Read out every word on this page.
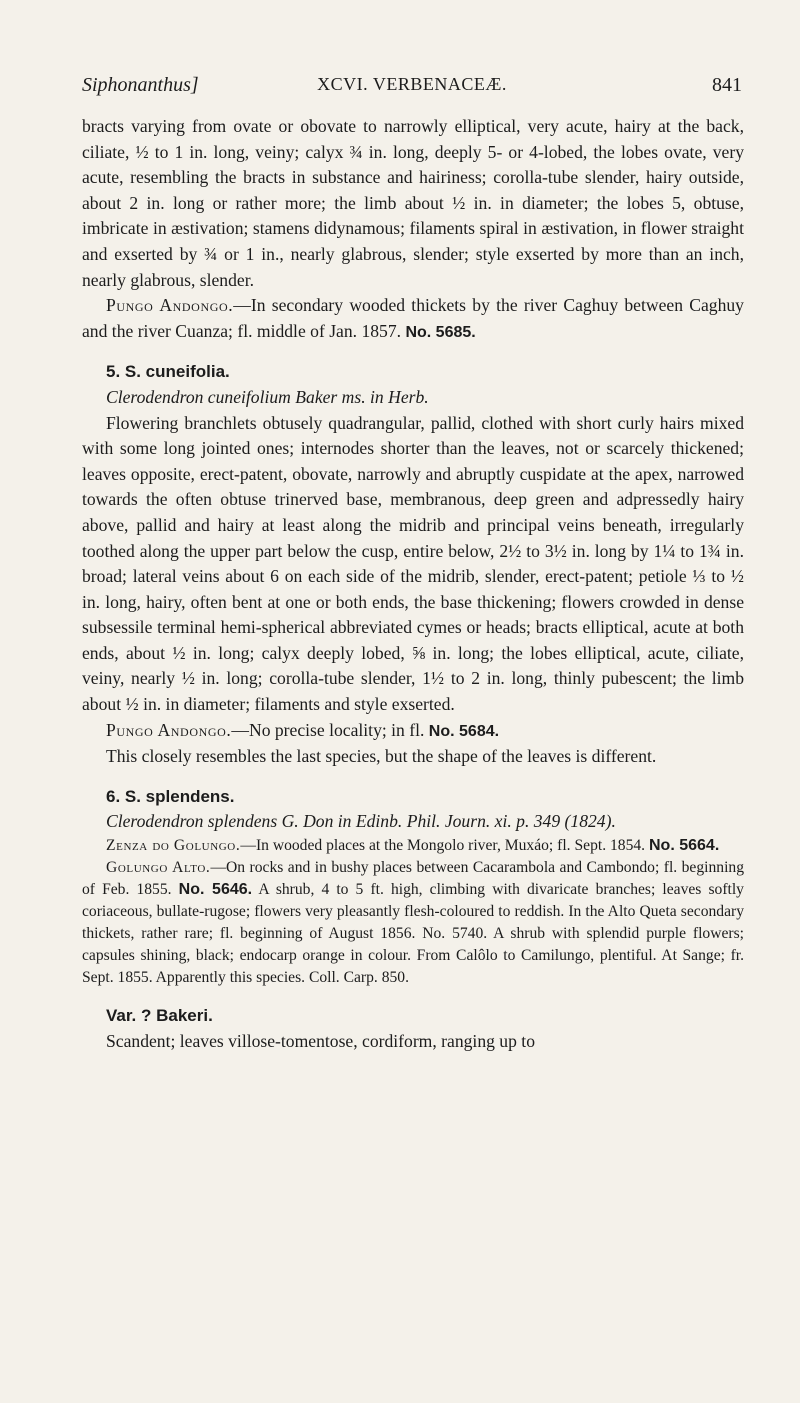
Siphonanthus]	XCVI. VERBENACEÆ.	841

bracts varying from ovate or obovate to narrowly elliptical, very acute, hairy at the back, ciliate, ½ to 1 in. long, veiny; calyx ¾ in. long, deeply 5- or 4-lobed, the lobes ovate, very acute, resembling the bracts in substance and hairiness; corolla-tube slender, hairy outside, about 2 in. long or rather more; the limb about ½ in. in diameter; the lobes 5, obtuse, imbricate in æstivation; stamens didynamous; filaments spiral in æstivation, in flower straight and exserted by ¾ or 1 in., nearly glabrous, slender; style exserted by more than an inch, nearly glabrous, slender.

Pungo Andongo.—In secondary wooded thickets by the river Caghuy between Caghuy and the river Cuanza; fl. middle of Jan. 1857. No. 5685.

5. S. cuneifolia.

Clerodendron cuneifolium Baker ms. in Herb.

Flowering branchlets obtusely quadrangular, pallid, clothed with short curly hairs mixed with some long jointed ones; internodes shorter than the leaves, not or scarcely thickened; leaves opposite, erect-patent, obovate, narrowly and abruptly cuspidate at the apex, narrowed towards the often obtuse trinerved base, membranous, deep green and adpressedly hairy above, pallid and hairy at least along the midrib and principal veins beneath, irregularly toothed along the upper part below the cusp, entire below, 2½ to 3½ in. long by 1¼ to 1¾ in. broad; lateral veins about 6 on each side of the midrib, slender, erect-patent; petiole ⅓ to ½ in. long, hairy, often bent at one or both ends, the base thickening; flowers crowded in dense subsessile terminal hemi-spherical abbreviated cymes or heads; bracts elliptical, acute at both ends, about ½ in. long; calyx deeply lobed, ⅝ in. long; the lobes elliptical, acute, ciliate, veiny, nearly ½ in. long; corolla-tube slender, 1½ to 2 in. long, thinly pubescent; the limb about ½ in. in diameter; filaments and style exserted.

Pungo Andongo.—No precise locality; in fl. No. 5684.

This closely resembles the last species, but the shape of the leaves is different.

6. S. splendens.

Clerodendron splendens G. Don in Edinb. Phil. Journ. xi. p. 349 (1824).

Zenza do Golungo.—In wooded places at the Mongolo river, Muxáo; fl. Sept. 1854. No. 5664.

Golungo Alto.—On rocks and in bushy places between Cacarambola and Cambondo; fl. beginning of Feb. 1855. No. 5646. A shrub, 4 to 5 ft. high, climbing with divaricate branches; leaves softly coriaceous, bullate-rugose; flowers very pleasantly flesh-coloured to reddish. In the Alto Queta secondary thickets, rather rare; fl. beginning of August 1856. No. 5740. A shrub with splendid purple flowers; capsules shining, black; endocarp orange in colour. From Calôlo to Camilungo, plentiful. At Sange; fr. Sept. 1855. Apparently this species. Coll. Carp. 850.

Var. ? Bakeri.

Scandent; leaves villose-tomentose, cordiform, ranging up to
